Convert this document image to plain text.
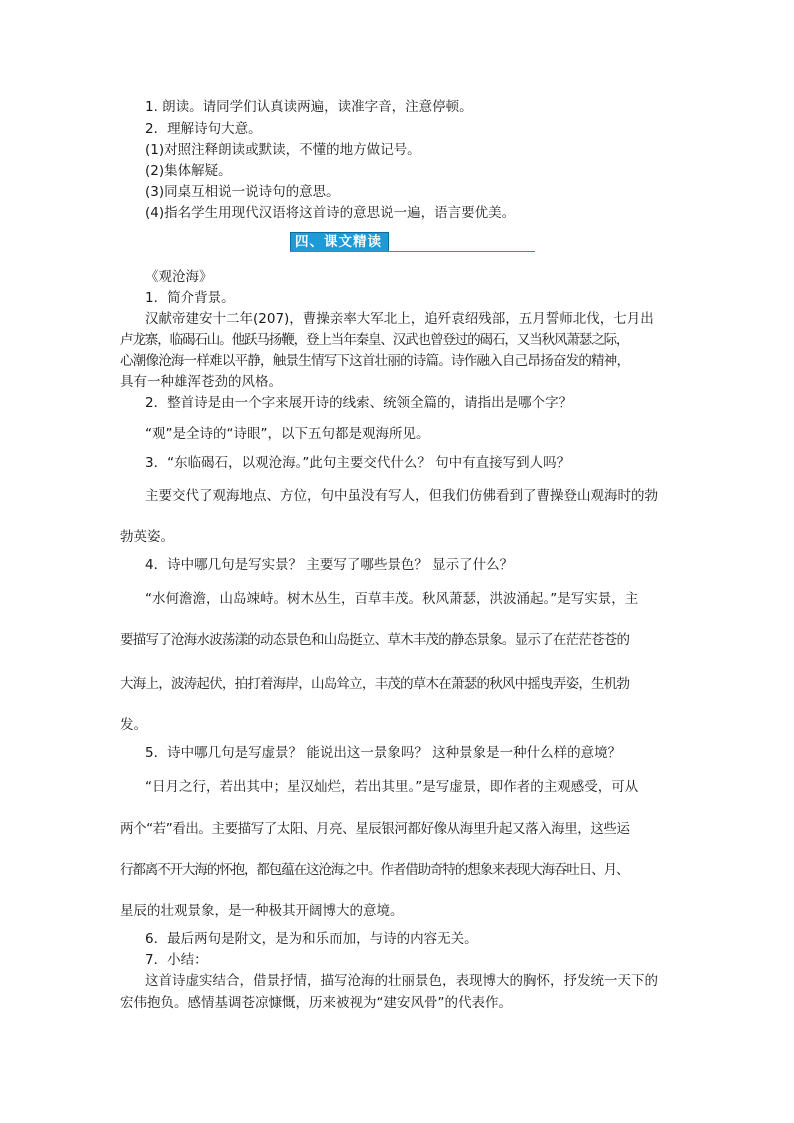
1. 朗读。请同学们认真读两遍，读准字音，注意停顿。

2．理解诗句大意。

(1)对照注释朗读或默读，不懂的地方做记号。

(2)集体解疑。

(3)同桌互相说一说诗句的意思。

(4)指名学生用现代汉语将这首诗的意思说一遍，语言要优美。

四、课文精读

《观沧海》

1．简介背景。

汉献帝建安十二年(207)，曹操亲率大军北上，追歼袁绍残部，五月誓师北伐，七月出

卢龙寨，临碣石山。他跃马扬鞭，登上当年秦皇、汉武也曾登过的碣石，又当秋风萧瑟之际，

心潮像沧海一样难以平静，触景生情写下这首壮丽的诗篇。诗作融入自己昂扬奋发的精神，

具有一种雄浑苍劲的风格。

2．整首诗是由一个字来展开诗的线索、统领全篇的，请指出是哪个字？

“观”是全诗的“诗眼”，以下五句都是观海所见。

3．“东临碣石，以观沧海。”此句主要交代什么？ 句中有直接写到人吗？

主要交代了观海地点、方位，句中虽没有写人，但我们仿佛看到了曹操登山观海时的勃

勃英姿。

4．诗中哪几句是写实景？ 主要写了哪些景色？ 显示了什么？

“水何澹澹，山岛竦峙。树木丛生，百草丰茂。秋风萧瑟，洪波涌起。”是写实景，主

要描写了沧海水波荡漾的动态景色和山岛挺立、草木丰茂的静态景象。显示了在茫茫苍苍的

大海上，波涛起伏，拍打着海岸，山岛耸立，丰茂的草木在萧瑟的秋风中摇曳弄姿，生机勃

发。

5．诗中哪几句是写虚景？ 能说出这一景象吗？ 这种景象是一种什么样的意境？

“日月之行，若出其中；星汉灿烂，若出其里。”是写虚景，即作者的主观感受，可从

两个“若”看出。主要描写了太阳、月亮、星辰银河都好像从海里升起又落入海里，这些运

行都离不开大海的怀抱，都包蕴在这沧海之中。作者借助奇特的想象来表现大海吞吐日、月、

星辰的壮观景象，是一种极其开阔博大的意境。

6．最后两句是附文，是为和乐而加，与诗的内容无关。

7．小结：

这首诗虚实结合，借景抒情，描写沧海的壮丽景色，表现博大的胸怀，抒发统一天下的

宏伟抱负。感情基调苍凉慷慨，历来被视为“建安风骨”的代表作。
